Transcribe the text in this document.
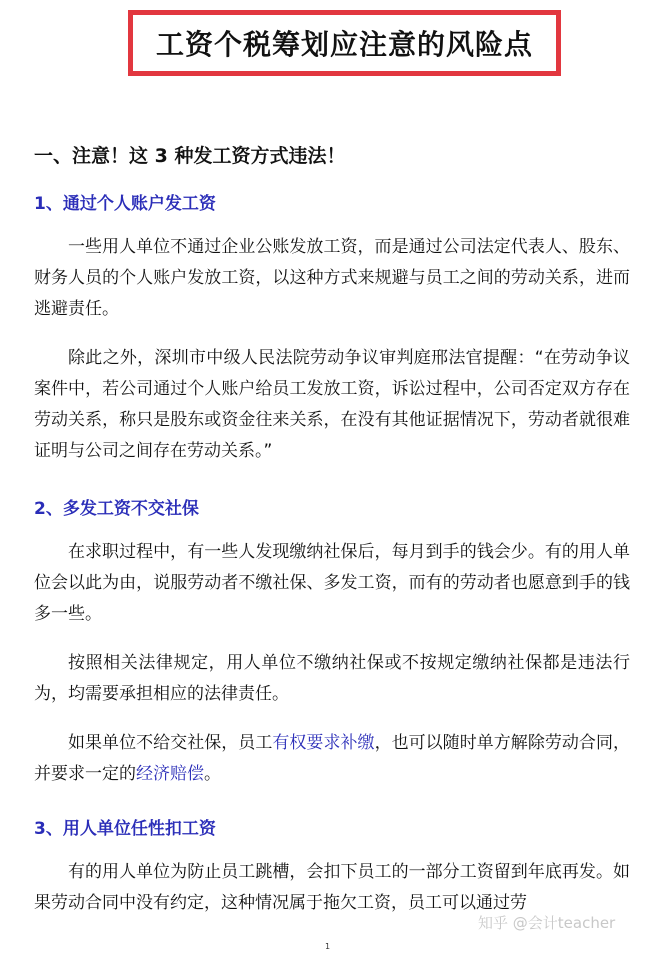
工资个税筹划应注意的风险点
一、注意！这 3 种发工资方式违法！
1、通过个人账户发工资

一些用人单位不通过企业公账发放工资，而是通过公司法定代表人、股东、财务人员的个人账户发放工资，以这种方式来规避与员工之间的劳动关系，进而逃避责任。

除此之外，深圳市中级人民法院劳动争议审判庭邢法官提醒：“在劳动争议案件中，若公司通过个人账户给员工发放工资，诉讼过程中，公司否定双方存在劳动关系，称只是股东或资金往来关系，在没有其他证据情况下，劳动者就很难证明与公司之间存在劳动关系。”

2、多发工资不交社保

在求职过程中，有一些人发现缴纳社保后，每月到手的钱会少。有的用人单位会以此为由，说服劳动者不缴社保、多发工资，而有的劳动者也愿意到手的钱多一些。

按照相关法律规定，用人单位不缴纳社保或不按规定缴纳社保都是违法行为，均需要承担相应的法律责任。

如果单位不给交社保，员工有权要求补缴，也可以随时单方解除劳动合同，并要求一定的经济赔偿。

3、用人单位任性扣工资

有的用人单位为防止员工跳槽，会扣下员工的一部分工资留到年底再发。如果劳动合同中没有约定，这种情况属于拖欠工资，员工可以通过劳

知乎 @会计teacher
1
